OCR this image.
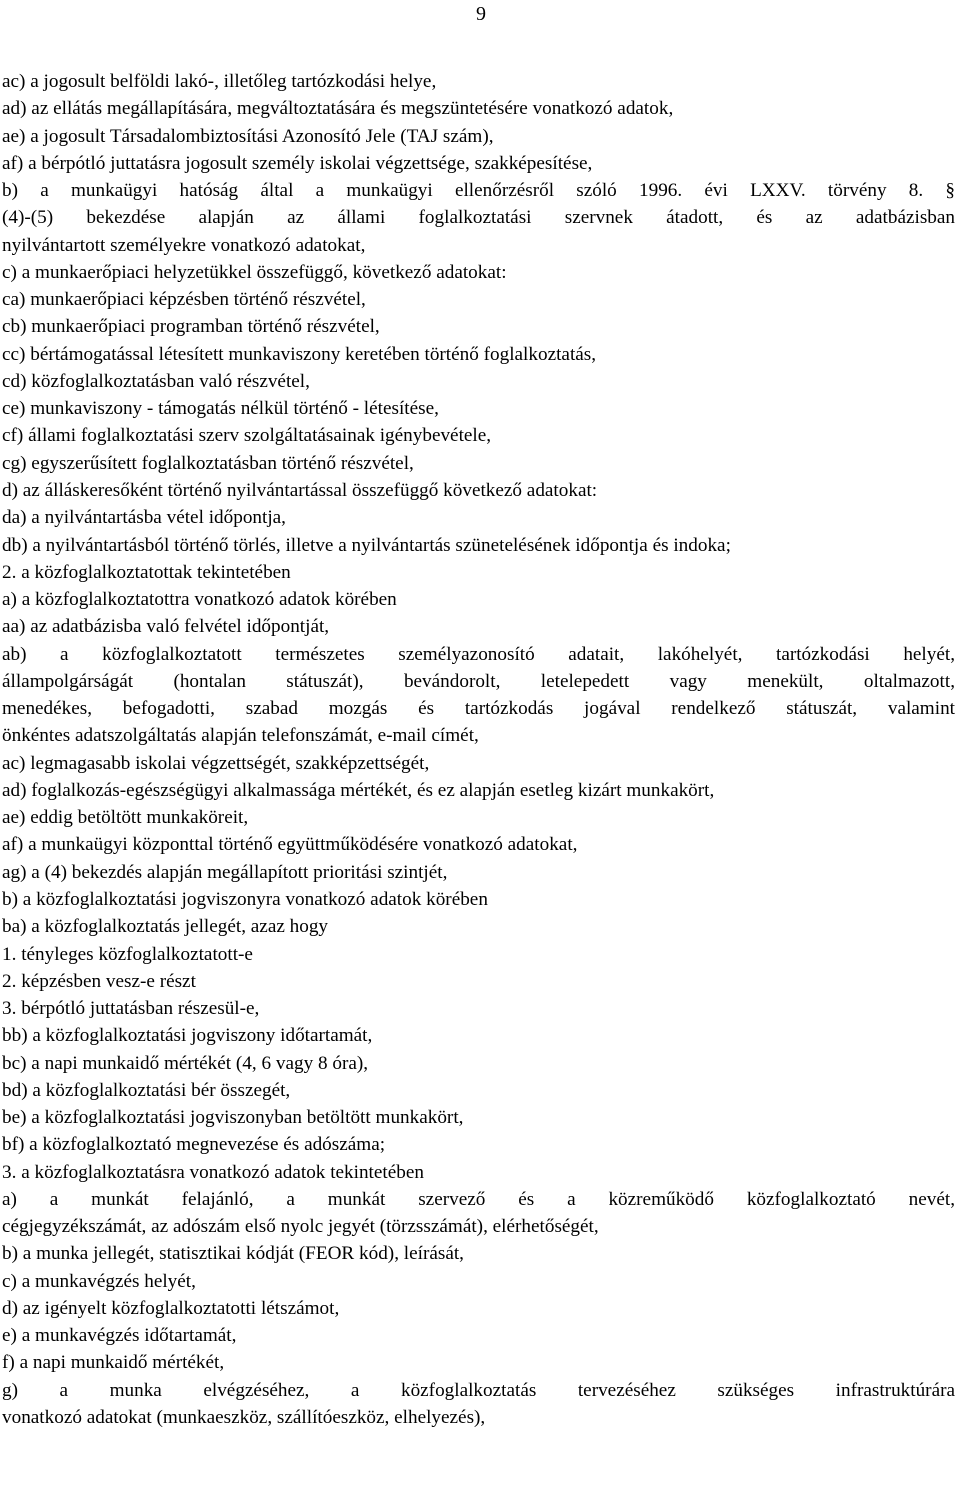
9
ac) a jogosult belföldi lakó-, illetőleg tartózkodási helye,
ad) az ellátás megállapítására, megváltoztatására és megszüntetésére vonatkozó adatok,
ae) a jogosult Társadalombiztosítási Azonosító Jele (TAJ szám),
af) a bérpótló juttatásra jogosult személy iskolai végzettsége, szakképesítése,
b) a munkaügyi hatóság által a munkaügyi ellenőrzésről szóló 1996. évi LXXV. törvény 8. §
(4)-(5) bekezdése alapján az állami foglalkoztatási szervnek átadott, és az adatbázisban
nyilvántartott személyekre vonatkozó adatokat,
c) a munkaerőpiaci helyzetükkel összefüggő, következő adatokat:
ca) munkaerőpiaci képzésben történő részvétel,
cb) munkaerőpiaci programban történő részvétel,
cc) bértámogatással létesített munkaviszony keretében történő foglalkoztatás,
cd) közfoglalkoztatásban való részvétel,
ce) munkaviszony - támogatás nélkül történő - létesítése,
cf) állami foglalkoztatási szerv szolgáltatásainak igénybevétele,
cg) egyszerűsített foglalkoztatásban történő részvétel,
d) az álláskeresőként történő nyilvántartással összefüggő következő adatokat:
da) a nyilvántartásba vétel időpontja,
db) a nyilvántartásból történő törlés, illetve a nyilvántartás szünetelésének időpontja és indoka;
2. a közfoglalkoztatottak tekintetében
a) a közfoglalkoztatottra vonatkozó adatok körében
aa) az adatbázisba való felvétel időpontját,
ab) a közfoglalkoztatott természetes személyazonosító adatait, lakóhelyét, tartózkodási helyét,
állampolgárságát (hontalan státuszát), bevándorolt, letelepedett vagy menekült, oltalmazott,
menedékes, befogadotti, szabad mozgás és tartózkodás jogával rendelkező státuszát, valamint
önkéntes adatszolgáltatás alapján telefonszámát, e-mail címét,
ac) legmagasabb iskolai végzettségét, szakképzettségét,
ad) foglalkozás-egészségügyi alkalmassága mértékét, és ez alapján esetleg kizárt munkakört,
ae) eddig betöltött munkaköreit,
af) a munkaügyi központtal történő együttműködésére vonatkozó adatokat,
ag) a (4) bekezdés alapján megállapított prioritási szintjét,
b) a közfoglalkoztatási jogviszonyra vonatkozó adatok körében
ba) a közfoglalkoztatás jellegét, azaz hogy
1. tényleges közfoglalkoztatott-e
2. képzésben vesz-e részt
3. bérpótló juttatásban részesül-e,
bb) a közfoglalkoztatási jogviszony időtartamát,
bc) a napi munkaidő mértékét (4, 6 vagy 8 óra),
bd) a közfoglalkoztatási bér összegét,
be) a közfoglalkoztatási jogviszonyban betöltött munkakört,
bf) a közfoglalkoztató megnevezése és adószáma;
3. a közfoglalkoztatásra vonatkozó adatok tekintetében
a) a munkát felajánló, a munkát szervező és a közreműködő közfoglalkoztató nevét,
cégjegyzékszámát, az adószám első nyolc jegyét (törzsszámát), elérhetőségét,
b) a munka jellegét, statisztikai kódját (FEOR kód), leírását,
c) a munkavégzés helyét,
d) az igényelt közfoglalkoztatotti létszámot,
e) a munkavégzés időtartamát,
f) a napi munkaidő mértékét,
g) a munka elvégzéséhez, a közfoglalkoztatás tervezéséhez szükséges infrastruktúrára
vonatkozó adatokat (munkaeszköz, szállítóeszköz, elhelyezés),
